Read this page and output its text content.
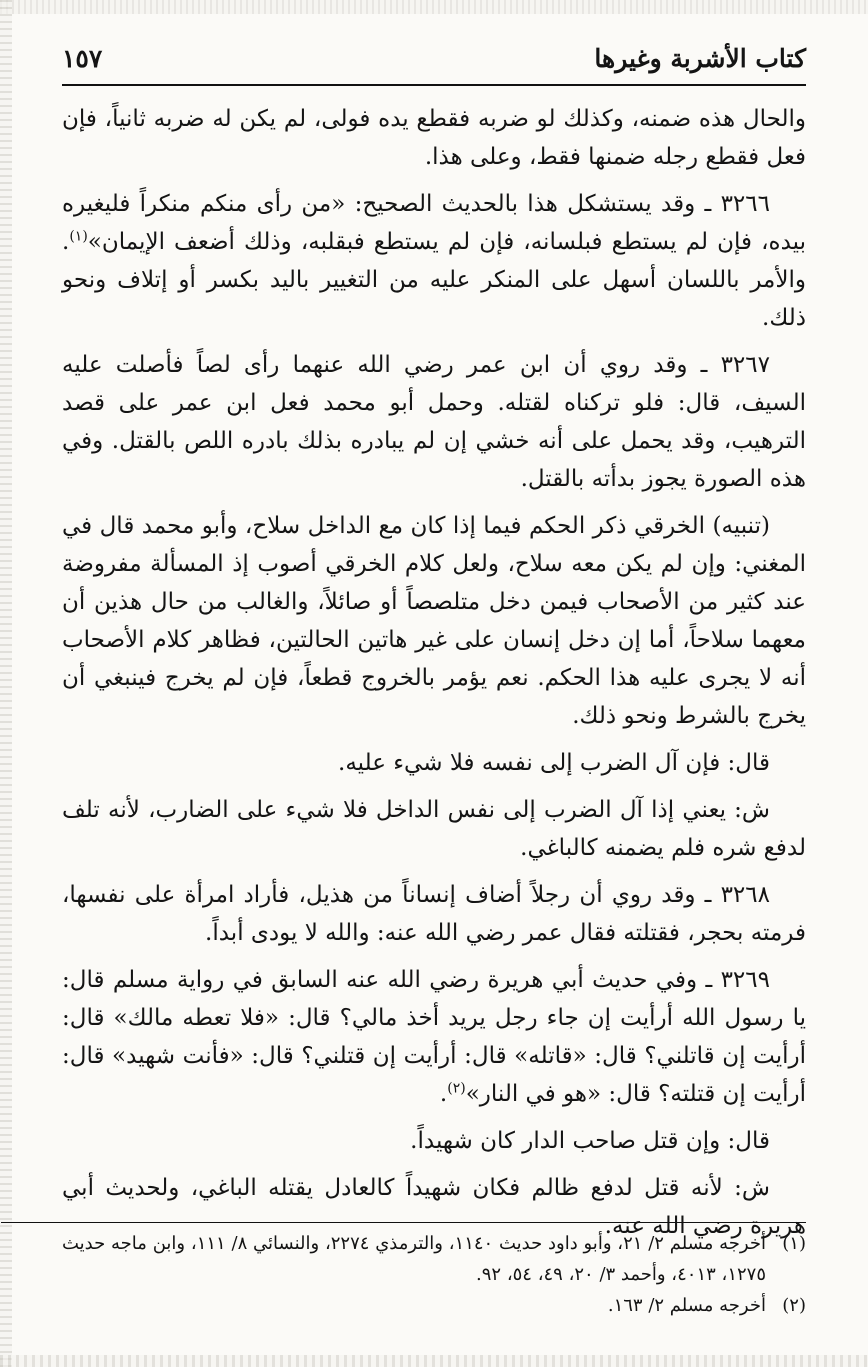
كتاب الأشربة وغيرها
١٥٧

والحال هذه ضمنه، وكذلك لو ضربه فقطع يده فولى، لم يكن له ضربه ثانياً، فإن فعل فقطع رجله ضمنها فقط، وعلى هذا.

٣٢٦٦ ـ وقد يستشكل هذا بالحديث الصحيح: «من رأى منكم منكراً فليغيره بيده، فإن لم يستطع فبلسانه، فإن لم يستطع فبقلبه، وذلك أضعف الإيمان»$^{(١)}$. والأمر باللسان أسهل على المنكر عليه من التغيير باليد بكسر أو إتلاف ونحو ذلك.

٣٢٦٧ ـ وقد روي أن ابن عمر رضي الله عنهما رأى لصاً فأصلت عليه السيف، قال: فلو تركناه لقتله. وحمل أبو محمد فعل ابن عمر على قصد الترهيب، وقد يحمل على أنه خشي إن لم يبادره بذلك بادره اللص بالقتل. وفي هذه الصورة يجوز بدأته بالقتل.

(تنبيه) الخرقي ذكر الحكم فيما إذا كان مع الداخل سلاح، وأبو محمد قال في المغني: وإن لم يكن معه سلاح، ولعل كلام الخرقي أصوب إذ المسألة مفروضة عند كثير من الأصحاب فيمن دخل متلصصاً أو صائلاً، والغالب من حال هذين أن معهما سلاحاً، أما إن دخل إنسان على غير هاتين الحالتين، فظاهر كلام الأصحاب أنه لا يجرى عليه هذا الحكم. نعم يؤمر بالخروج قطعاً، فإن لم يخرج فينبغي أن يخرج بالشرط ونحو ذلك.

قال: فإن آل الضرب إلى نفسه فلا شيء عليه.

ش: يعني إذا آل الضرب إلى نفس الداخل فلا شيء على الضارب، لأنه تلف لدفع شره فلم يضمنه كالباغي.

٣٢٦٨ ـ وقد روي أن رجلاً أضاف إنساناً من هذيل، فأراد امرأة على نفسها، فرمته بحجر، فقتلته فقال عمر رضي الله عنه: والله لا يودى أبداً.

٣٢٦٩ ـ وفي حديث أبي هريرة رضي الله عنه السابق في رواية مسلم قال: يا رسول الله أرأيت إن جاء رجل يريد أخذ مالي؟ قال: «فلا تعطه مالك» قال: أرأيت إن قاتلني؟ قال: «قاتله» قال: أرأيت إن قتلني؟ قال: «فأنت شهيد» قال: أرأيت إن قتلته؟ قال: «هو في النار»$^{(٢)}$.

قال: وإن قتل صاحب الدار كان شهيداً.

ش: لأنه قتل لدفع ظالم فكان شهيداً كالعادل يقتله الباغي، ولحديث أبي هريرة رضي الله عنه.

(١)
أخرجه مسلم ٢/ ٢١، وأبو داود حديث ١١٤٠، والترمذي ٢٢٧٤، والنسائي ٨/ ١١١، وابن ماجه حديث ١٢٧٥، ٤٠١٣، وأحمد ٣/ ٢٠، ٤٩، ٥٤، ٩٢.

(٢)
أخرجه مسلم ٢/ ١٦٣.
